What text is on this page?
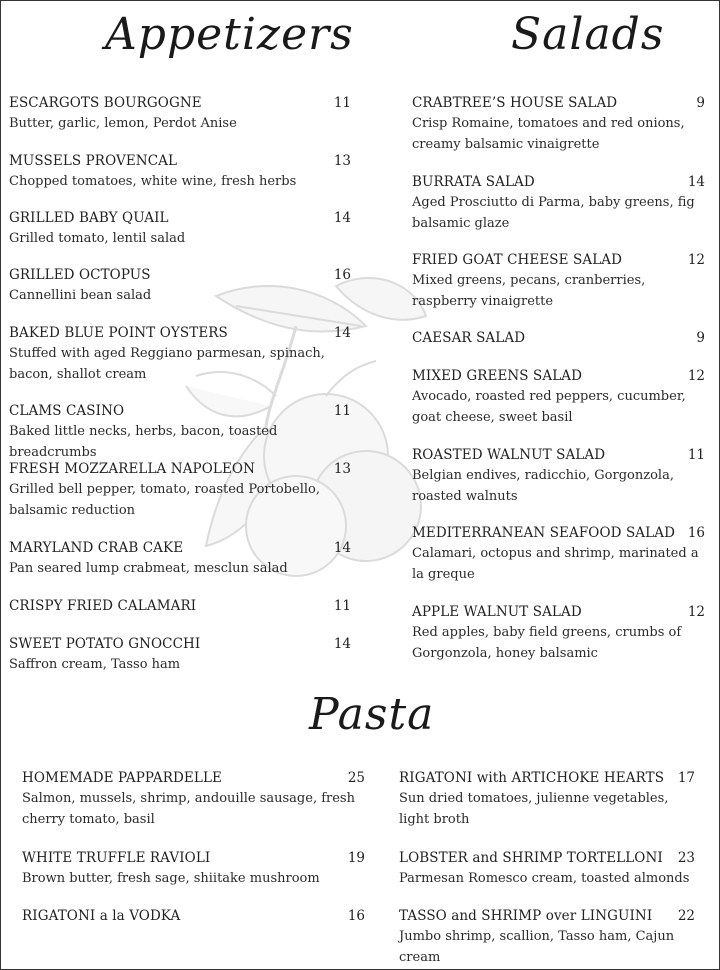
Appetizers	Salads
Pasta
ESCARGOTS BOURGOGNE	11
Butter, garlic, lemon, Perdot Anise
MUSSELS PROVENCAL	13
Chopped tomatoes, white wine, fresh herbs
GRILLED BABY QUAIL	14
Grilled tomato, lentil salad
GRILLED OCTOPUS	16
Cannellini bean salad
BAKED BLUE POINT OYSTERS	14
Stuffed with aged Reggiano parmesan, spinach, bacon, shallot cream
CLAMS CASINO	11
Baked little necks, herbs, bacon, toasted breadcrumbs
FRESH MOZZARELLA NAPOLEON	13
Grilled bell pepper, tomato, roasted Portobello, balsamic reduction
MARYLAND CRAB CAKE	14
Pan seared lump crabmeat, mesclun salad
CRISPY FRIED CALAMARI	11
SWEET POTATO GNOCCHI	14
Saffron cream, Tasso ham
CRABTREE’S HOUSE SALAD	9
Crisp Romaine, tomatoes and red onions, creamy balsamic vinaigrette
BURRATA SALAD	14
Aged Prosciutto di Parma, baby greens, fig balsamic glaze
FRIED GOAT CHEESE SALAD	12
Mixed greens, pecans, cranberries, raspberry vinaigrette
CAESAR SALAD	9
MIXED GREENS SALAD	12
Avocado, roasted red peppers, cucumber, goat cheese, sweet basil
ROASTED WALNUT SALAD	11
Belgian endives, radicchio, Gorgonzola, roasted walnuts
MEDITERRANEAN SEAFOOD SALAD 16
Calamari, octopus and shrimp, marinated a la greque
APPLE WALNUT SALAD	12
Red apples, baby field greens, crumbs of Gorgonzola, honey balsamic
HOMEMADE PAPPARDELLE	25
Salmon, mussels, shrimp, andouille sausage, fresh cherry tomato, basil
WHITE TRUFFLE RAVIOLI	19
Brown butter, fresh sage, shiitake mushroom
RIGATONI a la VODKA	16
RIGATONI with ARTICHOKE HEARTS	17
Sun dried tomatoes, julienne vegetables, light broth
LOBSTER and SHRIMP TORTELLONI	23
Parmesan Romesco cream, toasted almonds
TASSO and SHRIMP over LINGUINI	22
Jumbo shrimp, scallion, Tasso ham, Cajun cream
